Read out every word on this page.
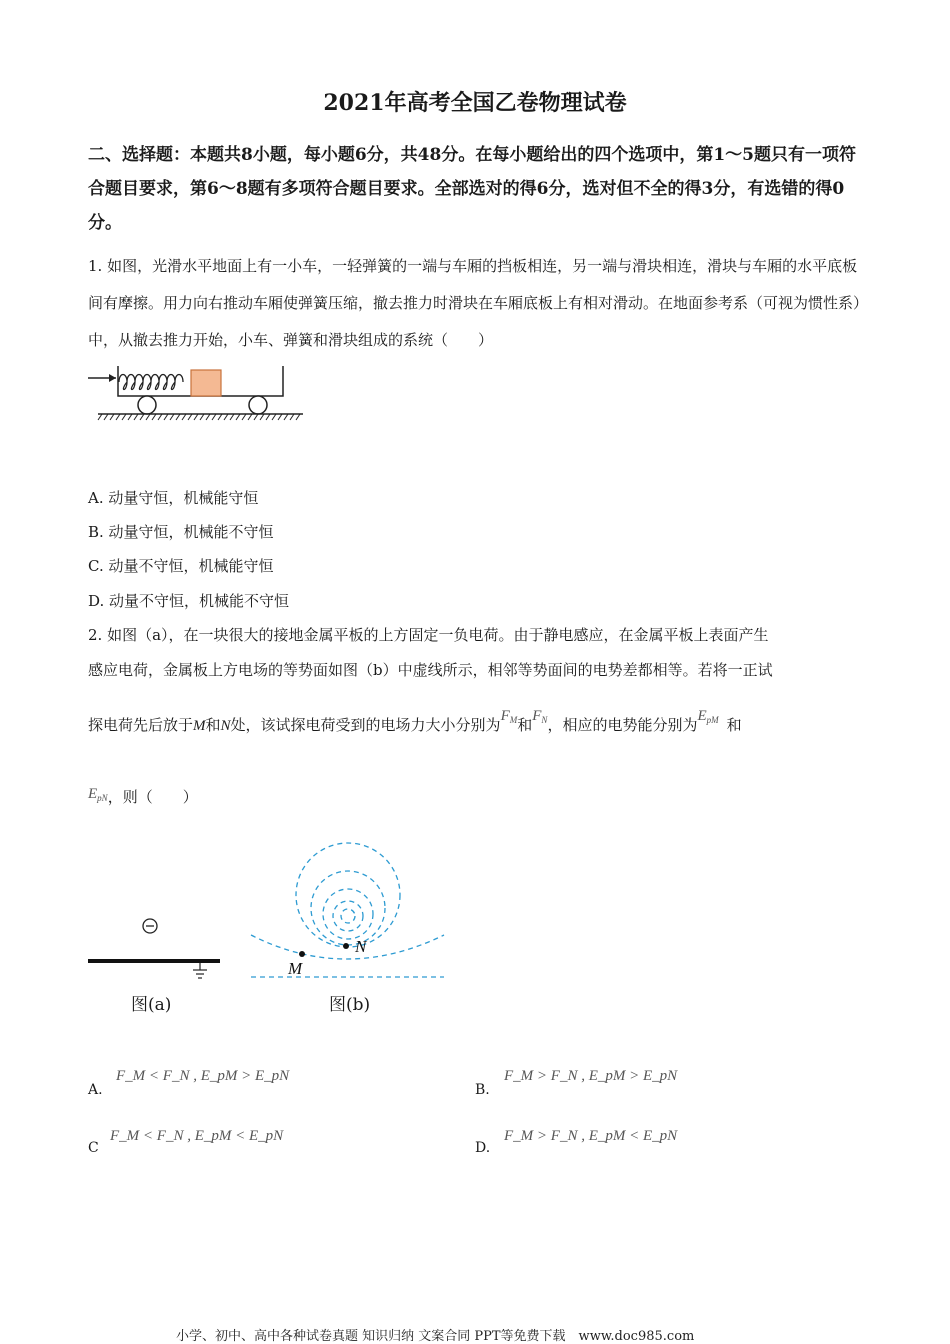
2021年高考全国乙卷物理试卷
二、选择题：本题共8小题，每小题6分，共48分。在每小题给出的四个选项中，第1～5题只有一项符合题目要求，第6～8题有多项符合题目要求。全部选对的得6分，选对但不全的得3分，有选错的得0分。
1. 如图，光滑水平地面上有一小车，一轻弹簧的一端与车厢的挡板相连，另一端与滑块相连，滑块与车厢的水平底板间有摩擦。用力向右推动车厢使弹簧压缩，撤去推力时滑块在车厢底板上有相对滑动。在地面参考系（可视为惯性系）中，从撤去推力开始，小车、弹簧和滑块组成的系统（　　）
A. 动量守恒，机械能守恒
B. 动量守恒，机械能不守恒
C. 动量不守恒，机械能守恒
D. 动量不守恒，机械能不守恒
2. 如图（a），在一块很大的接地金属平板的上方固定一负电荷。由于静电感应，在金属平板上表面产生
感应电荷，金属板上方电场的等势面如图（b）中虚线所示，相邻等势面间的电势差都相等。若将一正试
探电荷先后放于M和N处，该试探电荷受到的电场力大小分别为$F_M$和$F_N$，相应的电势能分别为$E_{pM}$ 和
$E_{pN}$，则（　　）
图(a)
N
M
图(b)
A.
F_M < F_N , E_pM > E_pN
B.
F_M > F_N , E_pM > E_pN
C
F_M < F_N , E_pM < E_pN
D.
F_M > F_N , E_pM < E_pN
小学、初中、高中各种试卷真题 知识归纳 文案合同 PPT等免费下载　www.doc985.com
